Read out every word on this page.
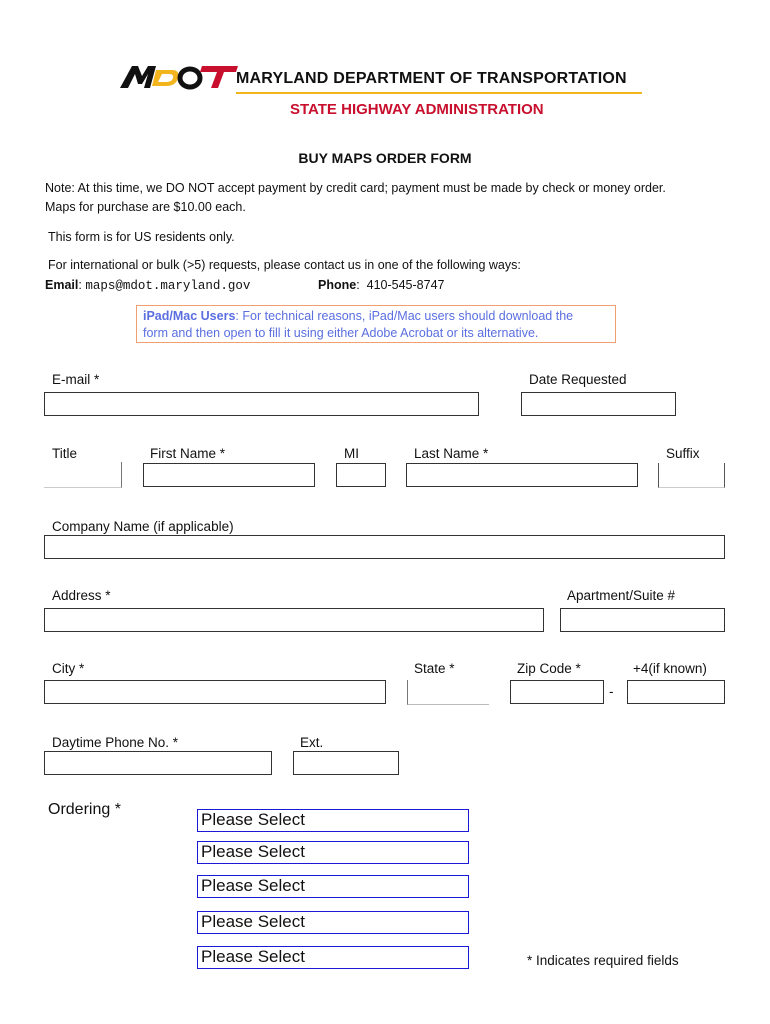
MARYLAND DEPARTMENT OF TRANSPORTATION
STATE HIGHWAY ADMINISTRATION
BUY MAPS ORDER FORM
Note: At this time, we DO NOT accept payment by credit card; payment must be made by check or money order.
Maps for purchase are $10.00 each.
This form is for US residents only.
For international or bulk (>5) requests, please contact us in one of the following ways:
Email: maps@mdot.maryland.gov	Phone:  410-545-8747
iPad/Mac Users: For technical reasons, iPad/Mac users should download the
form and then open to fill it using either Adobe Acrobat or its alternative.
E-mail *	Date Requested
Title	First Name *	MI	Last Name *	Suffix
Company Name (if applicable)
Address *	Apartment/Suite #
City *	State *	Zip Code *	+4(if known)
-
Daytime Phone No. *	Ext.
Ordering *
Please Select
Please Select
Please Select
Please Select
Please Select	* Indicates required fields
